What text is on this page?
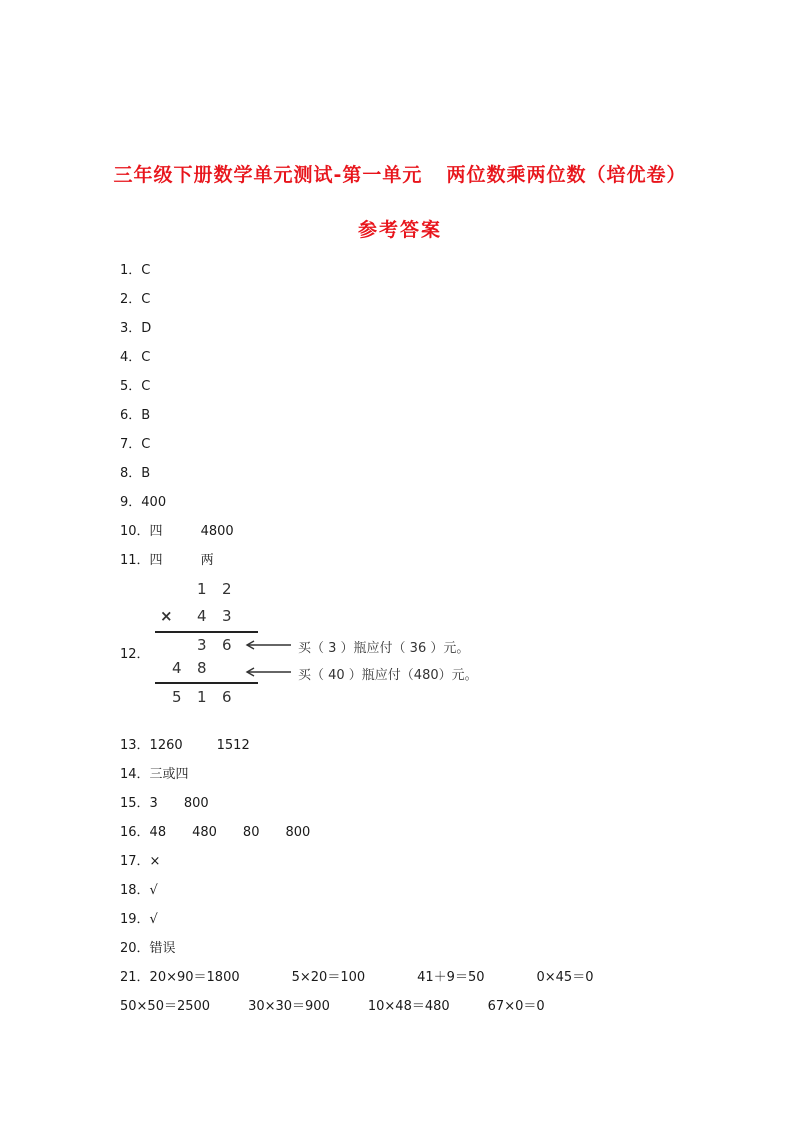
三年级下册数学单元测试-第一单元 两位数乘两位数（培优卷）
参考答案
1．C
2．C
3．D
4．C
5．C
6．B
7．C
8．B
9．400
10．四	4800
11．四	两
12．
13．1260	1512
14．三或四
15．3 800
16．48 480 80 800
17．×
18．√
19．√
20．错误
21．20×90＝1800	5×20＝100	41＋9＝50	0×45＝0
50×50＝2500	30×30＝900	10×48＝480	67×0＝0
1 2
× 4 3
3 6
4 8
5 1 6
买（ 3 ）瓶应付（ 36 ）元。
买（ 40 ）瓶应付（480）元。
